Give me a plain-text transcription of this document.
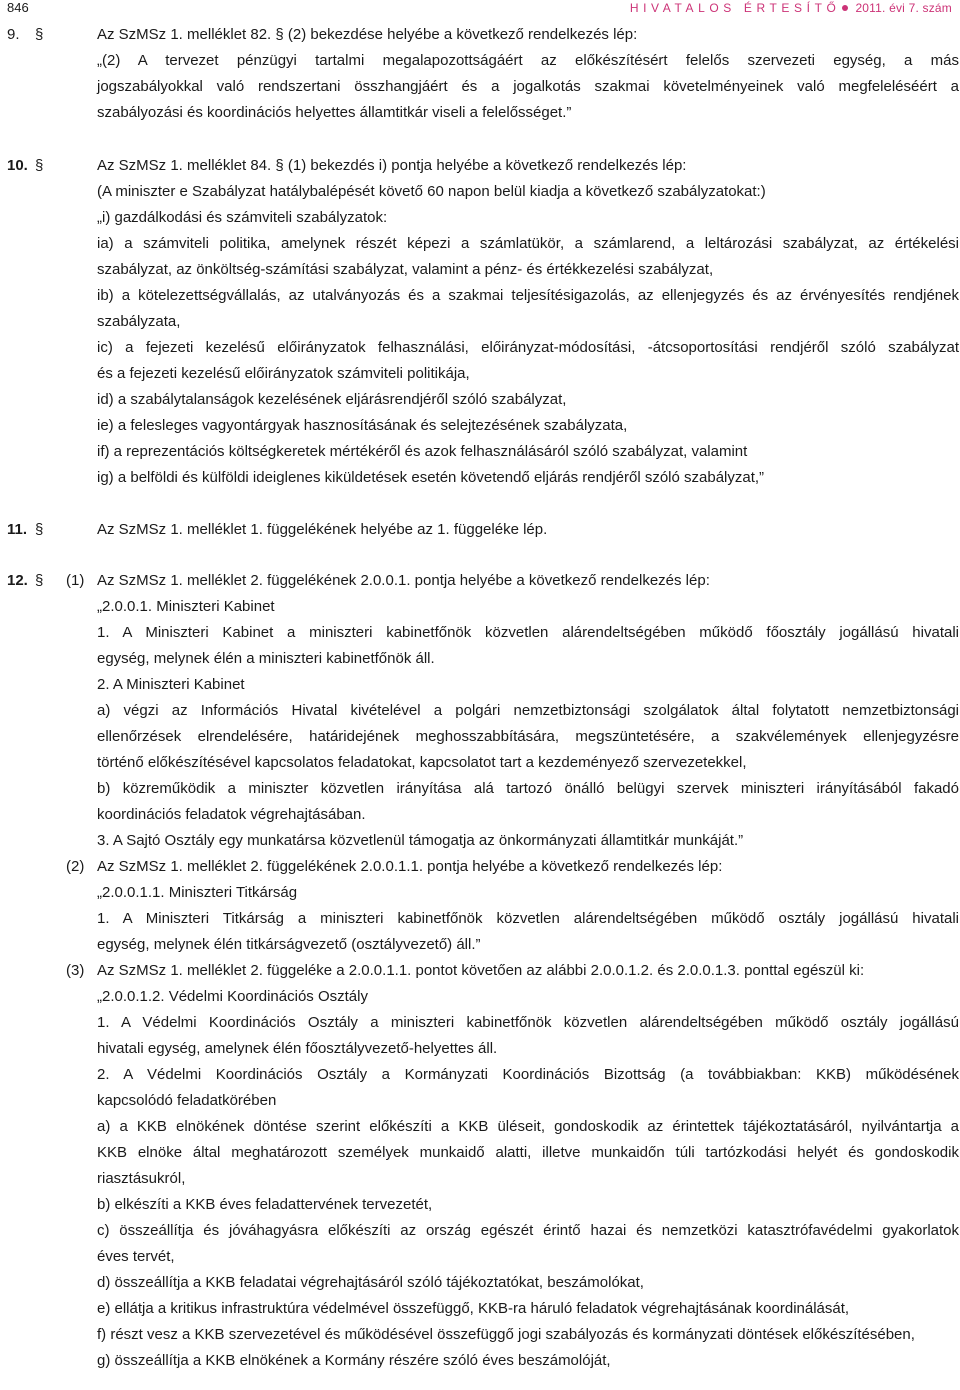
846	HIVATALOS ÉRTESÍTŐ 2011. évi 7. szám
9. §	Az SzMSz 1. melléklet 82. § (2) bekezdése helyébe a következő rendelkezés lép:
„(2) A tervezet pénzügyi tartalmi megalapozottságáért az előkészítésért felelős szervezeti egység, a más
jogszabályokkal való rendszertani összhangjáért és a jogalkotás szakmai követelményeinek való megfeleléséért a
szabályozási és koordinációs helyettes államtitkár viseli a felelősséget.”
10. §	Az SzMSz 1. melléklet 84. § (1) bekezdés i) pontja helyébe a következő rendelkezés lép:
(A miniszter e Szabályzat hatálybalépését követő 60 napon belül kiadja a következő szabályzatokat:)
„i) gazdálkodási és számviteli szabályzatok:
ia) a számviteli politika, amelynek részét képezi a számlatükör, a számlarend, a leltározási szabályzat, az értékelési
szabályzat, az önköltség-számítási szabályzat, valamint a pénz- és értékkezelési szabályzat,
ib) a kötelezettségvállalás, az utalványozás és a szakmai teljesítésigazolás, az ellenjegyzés és az érvényesítés rendjének
szabályzata,
ic) a fejezeti kezelésű előirányzatok felhasználási, előirányzat-módosítási, -átcsoportosítási rendjéről szóló szabályzat
és a fejezeti kezelésű előirányzatok számviteli politikája,
id) a szabálytalanságok kezelésének eljárásrendjéről szóló szabályzat,
ie) a felesleges vagyontárgyak hasznosításának és selejtezésének szabályzata,
if) a reprezentációs költségkeretek mértékéről és azok felhasználásáról szóló szabályzat, valamint
ig) a belföldi és külföldi ideiglenes kiküldetések esetén követendő eljárás rendjéről szóló szabályzat,”
11. §	Az SzMSz 1. melléklet 1. függelékének helyébe az 1. függeléke lép.
12. § (1) Az SzMSz 1. melléklet 2. függelékének 2.0.0.1. pontja helyébe a következő rendelkezés lép:
„2.0.0.1. Miniszteri Kabinet
1. A Miniszteri Kabinet a miniszteri kabinetfőnök közvetlen alárendeltségében működő főosztály jogállású hivatali
egység, melynek élén a miniszteri kabinetfőnök áll.
2. A Miniszteri Kabinet
a) végzi az Információs Hivatal kivételével a polgári nemzetbiztonsági szolgálatok által folytatott nemzetbiztonsági
ellenőrzések elrendelésére, határidejének meghosszabbítására, megszüntetésére, a szakvélemények ellenjegyzésre
történő előkészítésével kapcsolatos feladatokat, kapcsolatot tart a kezdeményező szervezetekkel,
b) közreműködik a miniszter közvetlen irányítása alá tartozó önálló belügyi szervek miniszteri irányításából fakadó
koordinációs feladatok végrehajtásában.
3. A Sajtó Osztály egy munkatársa közvetlenül támogatja az önkormányzati államtitkár munkáját.”
(2) Az SzMSz 1. melléklet 2. függelékének 2.0.0.1.1. pontja helyébe a következő rendelkezés lép:
„2.0.0.1.1. Miniszteri Titkárság
1. A Miniszteri Titkárság a miniszteri kabinetfőnök közvetlen alárendeltségében működő osztály jogállású hivatali
egység, melynek élén titkárságvezető (osztályvezető) áll.”
(3) Az SzMSz 1. melléklet 2. függeléke a 2.0.0.1.1. pontot követően az alábbi 2.0.0.1.2. és 2.0.0.1.3. ponttal egészül ki:
„2.0.0.1.2. Védelmi Koordinációs Osztály
1. A Védelmi Koordinációs Osztály a miniszteri kabinetfőnök közvetlen alárendeltségében működő osztály jogállású
hivatali egység, amelynek élén főosztályvezető-helyettes áll.
2. A Védelmi Koordinációs Osztály a Kormányzati Koordinációs Bizottság (a továbbiakban: KKB) működésének
kapcsolódó feladatkörében
a) a KKB elnökének döntése szerint előkészíti a KKB üléseit, gondoskodik az érintettek tájékoztatásáról, nyilvántartja a
KKB elnöke által meghatározott személyek munkaidő alatti, illetve munkaidőn túli tartózkodási helyét és gondoskodik
riasztásukról,
b) elkészíti a KKB éves feladattervének tervezetét,
c) összeállítja és jóváhagyásra előkészíti az ország egészét érintő hazai és nemzetközi katasztrófavédelmi gyakorlatok
éves tervét,
d) összeállítja a KKB feladatai végrehajtásáról szóló tájékoztatókat, beszámolókat,
e) ellátja a kritikus infrastruktúra védelmével összefüggő, KKB-ra háruló feladatok végrehajtásának koordinálását,
f) részt vesz a KKB szervezetével és működésével összefüggő jogi szabályozás és kormányzati döntések előkészítésében,
g) összeállítja a KKB elnökének a Kormány részére szóló éves beszámolóját,
